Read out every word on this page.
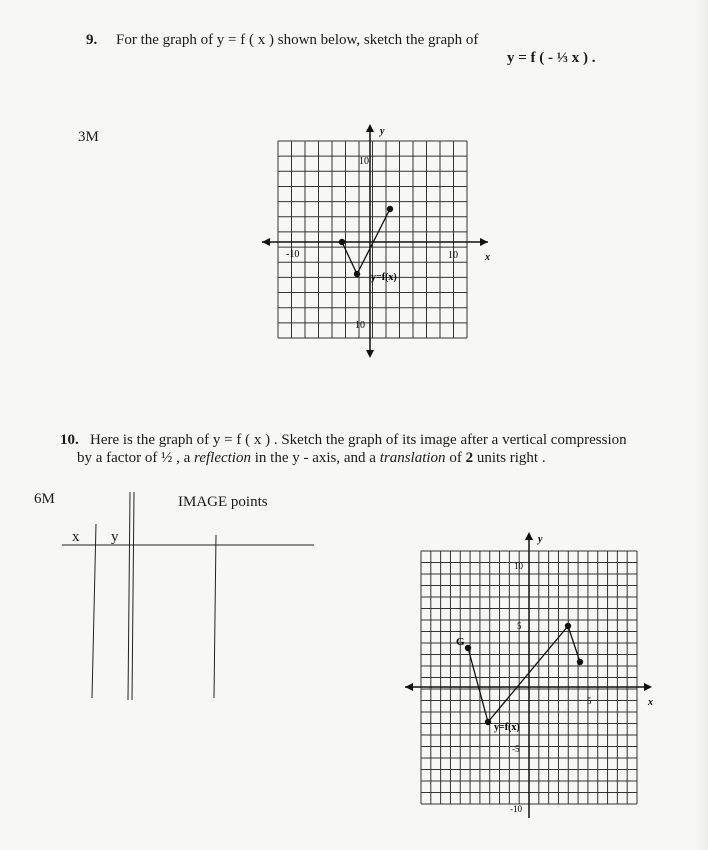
9. For the graph of y = f ( x ) shown below, sketch the graph of
y = f ( - ⅓ x ) .
3M	y
x
10
10
-10	10
y=f(x)
y
x
10
5
-5
-10
5
G
y=f(x)
10. Here is the graph of y = f ( x ) . Sketch the graph of its image after a vertical compression
by a factor of ½ , a reflection in the y - axis, and a translation of 2 units right .
6M	IMAGE points
x y
